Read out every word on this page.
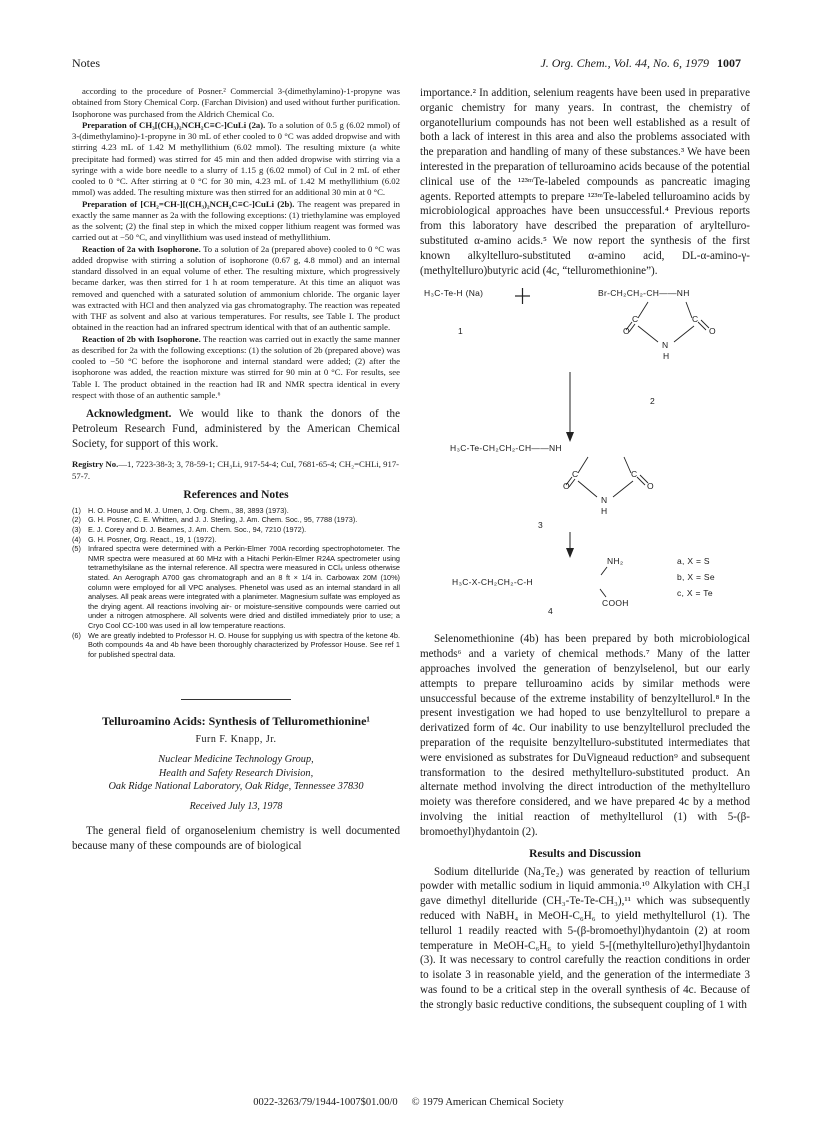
Notes	J. Org. Chem., Vol. 44, No. 6, 1979 1007

according to the procedure of Posner.² Commercial 3-(dimethylamino)-1-propyne was obtained from Story Chemical Corp. (Farchan Division) and used without further purification. Isophorone was purchased from the Aldrich Chemical Co.

Preparation of CH₃[(CH₃)₂NCH₂C≡C-]CuLi (2a). To a solution of 0.5 g (6.02 mmol) of 3-(dimethylamino)-1-propyne in 30 mL of ether cooled to 0 °C was added dropwise and with stirring 4.23 mL of 1.42 M methyllithium (6.02 mmol). The resulting mixture (a white precipitate had formed) was stirred for 45 min and then added dropwise with stirring via a syringe with a wide bore needle to a slurry of 1.15 g (6.02 mmol) of CuI in 2 mL of ether cooled to 0 °C. After stirring at 0 °C for 30 min, 4.23 mL of 1.42 M methyllithium (6.02 mmol) was added. The resulting mixture was then stirred for an additional 30 min at 0 °C.

Preparation of [CH₂=CH-][(CH₃)₂NCH₂C≡C-]CuLi (2b). The reagent was prepared in exactly the same manner as 2a with the following exceptions: (1) triethylamine was employed as the solvent; (2) the final step in which the mixed copper lithium reagent was formed was carried out at −50 °C, and vinyllithium was used instead of methyllithium.

Reaction of 2a with Isophorone. To a solution of 2a (prepared above) cooled to 0 °C was added dropwise with stirring a solution of isophorone (0.67 g, 4.8 mmol) and an internal standard dissolved in an equal volume of ether. The resulting mixture, which progressively became darker, was then stirred for 1 h at room temperature. At this time an aliquot was removed and quenched with a saturated solution of ammonium chloride. The organic layer was extracted with HCl and then analyzed via gas chromatography. The reaction was repeated with THF as solvent and also at various temperatures. For results, see Table I. The product obtained in the reaction had an infrared spectrum identical with that of an authentic sample.

Reaction of 2b with Isophorone. The reaction was carried out in exactly the same manner as described for 2a with the following exceptions: (1) the solution of 2b (prepared above) was cooled to −50 °C before the isophorone and internal standard were added; (2) after the isophorone was added, the reaction mixture was stirred for 90 min at 0 °C. For results, see Table I. The product obtained in the reaction had IR and NMR spectra identical in every respect with those of an authentic sample.⁶

Acknowledgment. We would like to thank the donors of the Petroleum Research Fund, administered by the American Chemical Society, for support of this work.

Registry No.—1, 7223-38-3; 3, 78-59-1; CH₃Li, 917-54-4; CuI, 7681-65-4; CH₂=CHLi, 917-57-7.
References and Notes
(1) H. O. House and M. J. Umen, J. Org. Chem., 38, 3893 (1973).
(2) G. H. Posner, C. E. Whitten, and J. J. Sterling, J. Am. Chem. Soc., 95, 7788 (1973).
(3) E. J. Corey and D. J. Beames, J. Am. Chem. Soc., 94, 7210 (1972).
(4) G. H. Posner, Org. React., 19, 1 (1972).
(5) Infrared spectra were determined with a Perkin-Elmer 700A recording spectrophotometer. The NMR spectra were measured at 60 MHz with a Hitachi Perkin-Elmer R24A spectrometer using tetramethylsilane as the internal reference. All spectra were measured in CCl₄ unless otherwise stated. An Aerograph A700 gas chromatograph and an 8 ft × 1/4 in. Carbowax 20M (10%) column were employed for all VPC analyses. Phenetol was used as an internal standard in all analyses. All peak areas were integrated with a planimeter. Magnesium sulfate was employed as the drying agent. All reactions involving air- or moisture-sensitive compounds were carried out under a nitrogen atmosphere. All solvents were dried and distilled immediately prior to use; a Cryo Cool CC-100 was used in all low temperature reactions.
(6) We are greatly indebted to Professor H. O. House for supplying us with spectra of the ketone 4b. Both compounds 4a and 4b have been thoroughly characterized by Professor House. See ref 1 for published spectral data.
Telluroamino Acids: Synthesis of Telluromethionine¹
Furn F. Knapp, Jr.
Nuclear Medicine Technology Group,
Health and Safety Research Division,
Oak Ridge National Laboratory, Oak Ridge, Tennessee 37830
Received July 13, 1978

The general field of organoselenium chemistry is well documented because many of these compounds are of biological

importance.² In addition, selenium reagents have been used in preparative organic chemistry for many years. In contrast, the chemistry of organotellurium compounds has not been well established as a result of both a lack of interest in this area and also the problems associated with the preparation and handling of many of these substances.³ We have been interested in the preparation of telluroamino acids because of the potential clinical use of the ¹²³ᵐTe-labeled compounds as pancreatic imaging agents. Reported attempts to prepare ¹²³ᵐTe-labeled telluroamino acids by microbiological approaches have been unsuccessful.⁴ Previous reports from this laboratory have described the preparation of aryltelluro-substituted α-amino acids.⁵ We now report the synthesis of the first known alkyltelluro-substituted α-amino acid, DL-α-amino-γ-(methyltelluro)butyric acid (4c, “telluromethionine”).

H₃C-Te-H (Na)	Br-CH₂CH₂-CH——NH
O
C	C
O
N
H
1
2
H₃C-Te-CH₂CH₂-CH——NH
O
C	C
O
N
H
3
NH₂
H₃C-X-CH₂CH₂-C-H
COOH
a, X = S
b, X = Se
c, X = Te
4

Selenomethionine (4b) has been prepared by both microbiological methods⁶ and a variety of chemical methods.⁷ Many of the latter approaches involved the generation of benzylselenol, but our early attempts to prepare telluroamino acids by similar methods were unsuccessful because of the extreme instability of benzyltellurol.⁸ In the present investigation we had hoped to use benzyltellurol to prepare a derivatized form of 4c. Our inability to use benzyltellurol precluded the preparation of the requisite benzyltelluro-substituted intermediates that were envisioned as substrates for DuVigneaud reduction⁹ and subsequent transformation to the desired methyltelluro-substituted product. An alternate method involving the direct introduction of the methyltelluro moiety was therefore considered, and we have prepared 4c by a method involving the initial reaction of methyltellurol (1) with 5-(β-bromoethyl)hydantoin (2).

Results and Discussion

Sodium ditelluride (Na₂Te₂) was generated by reaction of tellurium powder with metallic sodium in liquid ammonia.¹⁰ Alkylation with CH₃I gave dimethyl ditelluride (CH₃-Te-Te-CH₃),¹¹ which was subsequently reduced with NaBH₄ in MeOH-C₆H₆ to yield methyltellurol (1). The tellurol 1 readily reacted with 5-(β-bromoethyl)hydantoin (2) at room temperature in MeOH-C₆H₆ to yield 5-[(methyltelluro)ethyl]hydantoin (3). It was necessary to control carefully the reaction conditions in order to isolate 3 in reasonable yield, and the generation of the intermediate 3 was found to be a critical step in the overall synthesis of 4c. Because of the strongly basic reductive conditions, the subsequent coupling of 1 with

0022-3263/79/1944-1007$01.00/0 © 1979 American Chemical Society
